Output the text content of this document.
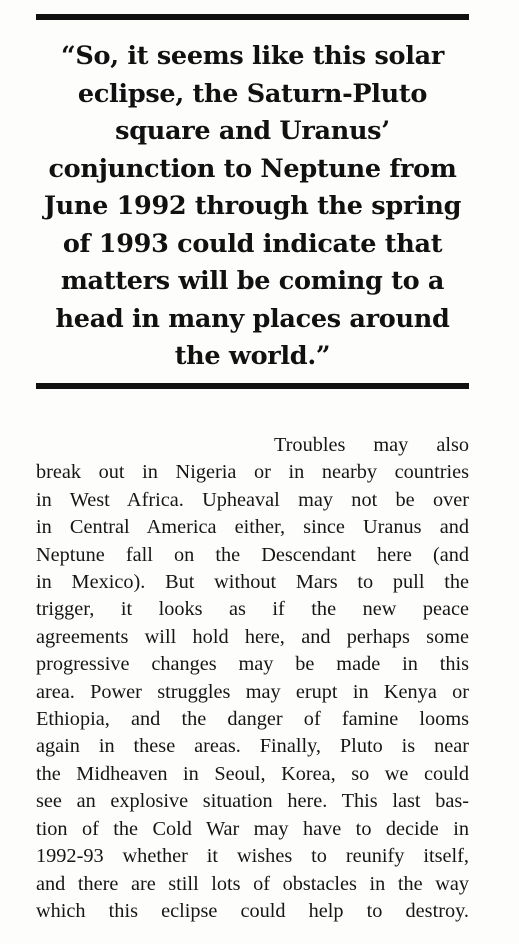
“So, it seems like this solar
eclipse, the Saturn-Pluto
square and Uranus’
conjunction to Neptune from
June 1992 through the spring
of 1993 could indicate that
matters will be coming to a
head in many places around
the world.”
Troubles may also
break out in Nigeria or in nearby countries
in West Africa. Upheaval may not be over
in Central America either, since Uranus and
Neptune fall on the Descendant here (and
in Mexico). But without Mars to pull the
trigger, it looks as if the new peace
agreements will hold here, and perhaps some
progressive changes may be made in this
area. Power struggles may erupt in Kenya or
Ethiopia, and the danger of famine looms
again in these areas. Finally, Pluto is near
the Midheaven in Seoul, Korea, so we could
see an explosive situation here. This last bas-
tion of the Cold War may have to decide in
1992-93 whether it wishes to reunify itself,
and there are still lots of obstacles in the way
which this eclipse could help to destroy.
